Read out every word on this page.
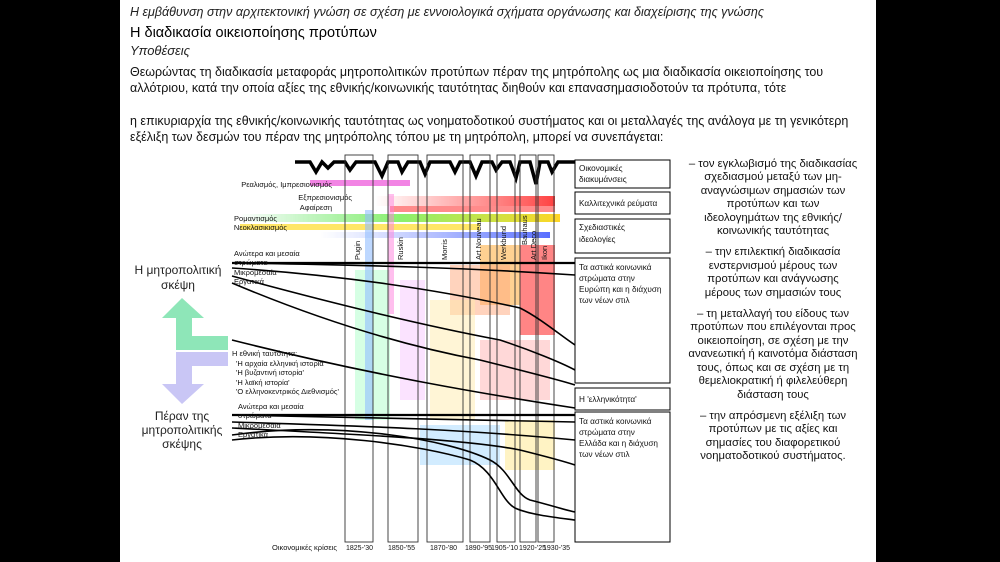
Η εμβάθυνση στην αρχιτεκτονική γνώση σε σχέση με εννοιολογικά σχήματα οργάνωσης και διαχείρισης της γνώσης
Η διαδικασία οικειοποίησης προτύπων
Υποθέσεις
Θεωρώντας τη διαδικασία μεταφοράς μητροπολιτικών προτύπων πέραν της μητρόπολης ως μια διαδικασία οικειοποίησης του αλλότριου, κατά την οποία αξίες της εθνικής/κοινωνικής ταυτότητας διηθούν και επανασημασιοδοτούν τα πρότυπα, τότε
η επικυριαρχία της εθνικής/κοινωνικής ταυτότητας ως νοηματοδοτικού συστήματος και οι μεταλλαγές της ανάλογα με τη γενικότερη εξέλιξη των δεσμών του πέραν της μητρόπολης τόπου με τη μητρόπολη, μπορεί να συνεπάγεται:
Pugin	Ruskin	Morris	Art Nouveau Werkbund Bauhaus
Art Deco Ikon
Οικονομικές
διακυμάνσεις
Καλλιτεχνικά ρεύματα
Σχεδιαστικές
ιδεολογίες
Τα αστικά κοινωνικά
στρώματα στην
Ευρώπη και η διάχυση
των νέων στιλ
Η 'ελληνικότητα'
Τα αστικά κοινωνικά
στρώματα στην
Ελλάδα και η διάχυση
των νέων στιλ
Ρεαλισμός, Ιμπρεσιονισμός
Εξπρεσιονισμός
Αφαίρεση
Ρομαντισμός
Νεοκλασικισμός
Ανώτερα και μεσαία
στρώματα
Μικρομεσαία
Εργατικά
Η εθνική ταυτότητα:
'Η αρχαία ελληνική ιστορία'
'Η βυζαντινή ιστορία'
'Η λαϊκή ιστορία'
'Ο ελληνοκεντρικός Διεθνισμός'
Ανώτερα και μεσαία
στρώματα
Μικρομεσαία
Εργατικά
Οικονομικές κρίσεις 1825-'30 1850-'55 1870-'80 1890-'95
1905-'10 1920-'25
1930-'35
Η μητροπολιτική
σκέψη
Πέραν της
μητροπολιτικής
σκέψης
– τον εγκλωβισμό της διαδικασίας σχεδιασμού μεταξύ των μη-αναγνώσιμων σημασιών των προτύπων και των ιδεολογημάτων της εθνικής/κοινωνικής ταυτότητας
– την επιλεκτική διαδικασία ενστερνισμού μέρους των προτύπων και ανάγνωσης μέρους των σημασιών τους
– τη μεταλλαγή του είδους των προτύπων που επιλέγονται προς οικειοποίηση, σε σχέση με την ανανεωτική ή καινοτόμα διάσταση τους, όπως και σε σχέση με τη θεμελιοκρατική ή φιλελεύθερη διάσταση τους
– την απρόσμενη εξέλιξη των προτύπων με τις αξίες και σημασίες του διαφορετικού νοηματοδοτικού συστήματος.
